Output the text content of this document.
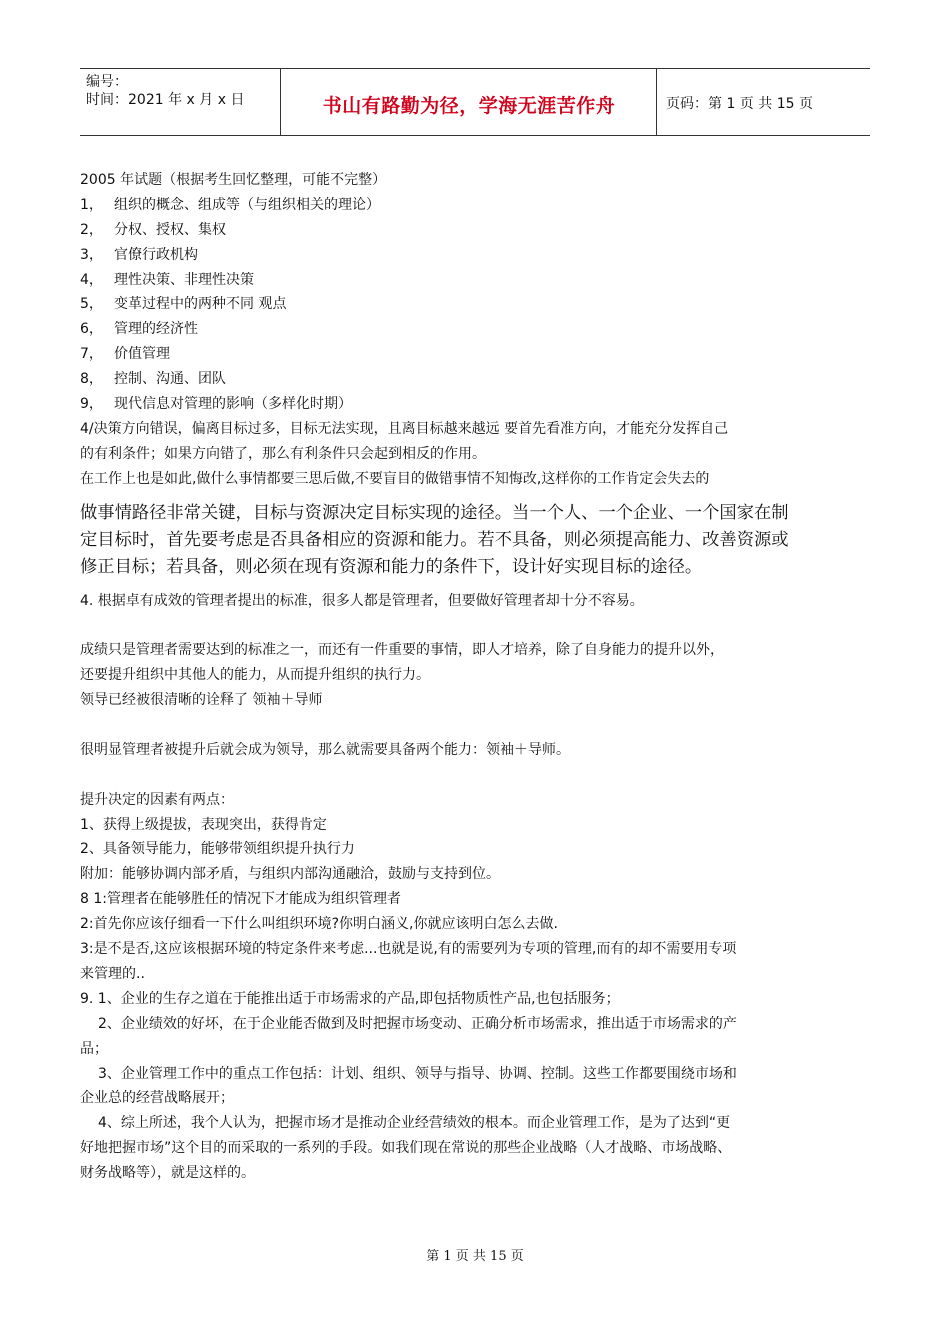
编号：
时间：2021 年 x 月 x 日	书山有路勤为径，学海无涯苦作舟	页码：第 1 页 共 15 页
2005 年试题（根据考生回忆整理，可能不完整）
1， 组织的概念、组成等（与组织相关的理论）
2， 分权、授权、集权
3， 官僚行政机构
4， 理性决策、非理性决策
5， 变革过程中的两种不同 观点
6， 管理的经济性
7， 价值管理
8， 控制、沟通、团队
9， 现代信息对管理的影响（多样化时期）
4/决策方向错误，偏离目标过多，目标无法实现，且离目标越来越远 要首先看准方向，才能充分发挥自己
的有利条件；如果方向错了，那么有利条件只会起到相反的作用。
在工作上也是如此,做什么事情都要三思后做,不要盲目的做错事情不知悔改,这样你的工作肯定会失去的
做事情路径非常关键，目标与资源决定目标实现的途径。当一个人、一个企业、一个国家在制
定目标时，首先要考虑是否具备相应的资源和能力。若不具备，则必须提高能力、改善资源或
修正目标；若具备，则必须在现有资源和能力的条件下，设计好实现目标的途径。
4. 根据卓有成效的管理者提出的标准，很多人都是管理者，但要做好管理者却十分不容易。
成绩只是管理者需要达到的标准之一，而还有一件重要的事情，即人才培养，除了自身能力的提升以外，
还要提升组织中其他人的能力，从而提升组织的执行力。
领导已经被很清晰的诠释了 领袖＋导师
很明显管理者被提升后就会成为领导，那么就需要具备两个能力：领袖＋导师。
提升决定的因素有两点：
1、获得上级提拔，表现突出，获得肯定
2、具备领导能力，能够带领组织提升执行力
附加：能够协调内部矛盾，与组织内部沟通融洽，鼓励与支持到位。
8 1:管理者在能够胜任的情况下才能成为组织管理者
2:首先你应该仔细看一下什么叫组织环境?你明白涵义,你就应该明白怎么去做.
3:是不是否,这应该根据环境的特定条件来考虑...也就是说,有的需要列为专项的管理,而有的却不需要用专项
来管理的..
9. 1、企业的生存之道在于能推出适于市场需求的产品,即包括物质性产品,也包括服务；
2、企业绩效的好坏，在于企业能否做到及时把握市场变动、正确分析市场需求，推出适于市场需求的产
品；
3、企业管理工作中的重点工作包括：计划、组织、领导与指导、协调、控制。这些工作都要围绕市场和
企业总的经营战略展开；
4、综上所述，我个人认为，把握市场才是推动企业经营绩效的根本。而企业管理工作，是为了达到“更
好地把握市场”这个目的而采取的一系列的手段。如我们现在常说的那些企业战略（人才战略、市场战略、
财务战略等），就是这样的。
第 1 页 共 15 页
